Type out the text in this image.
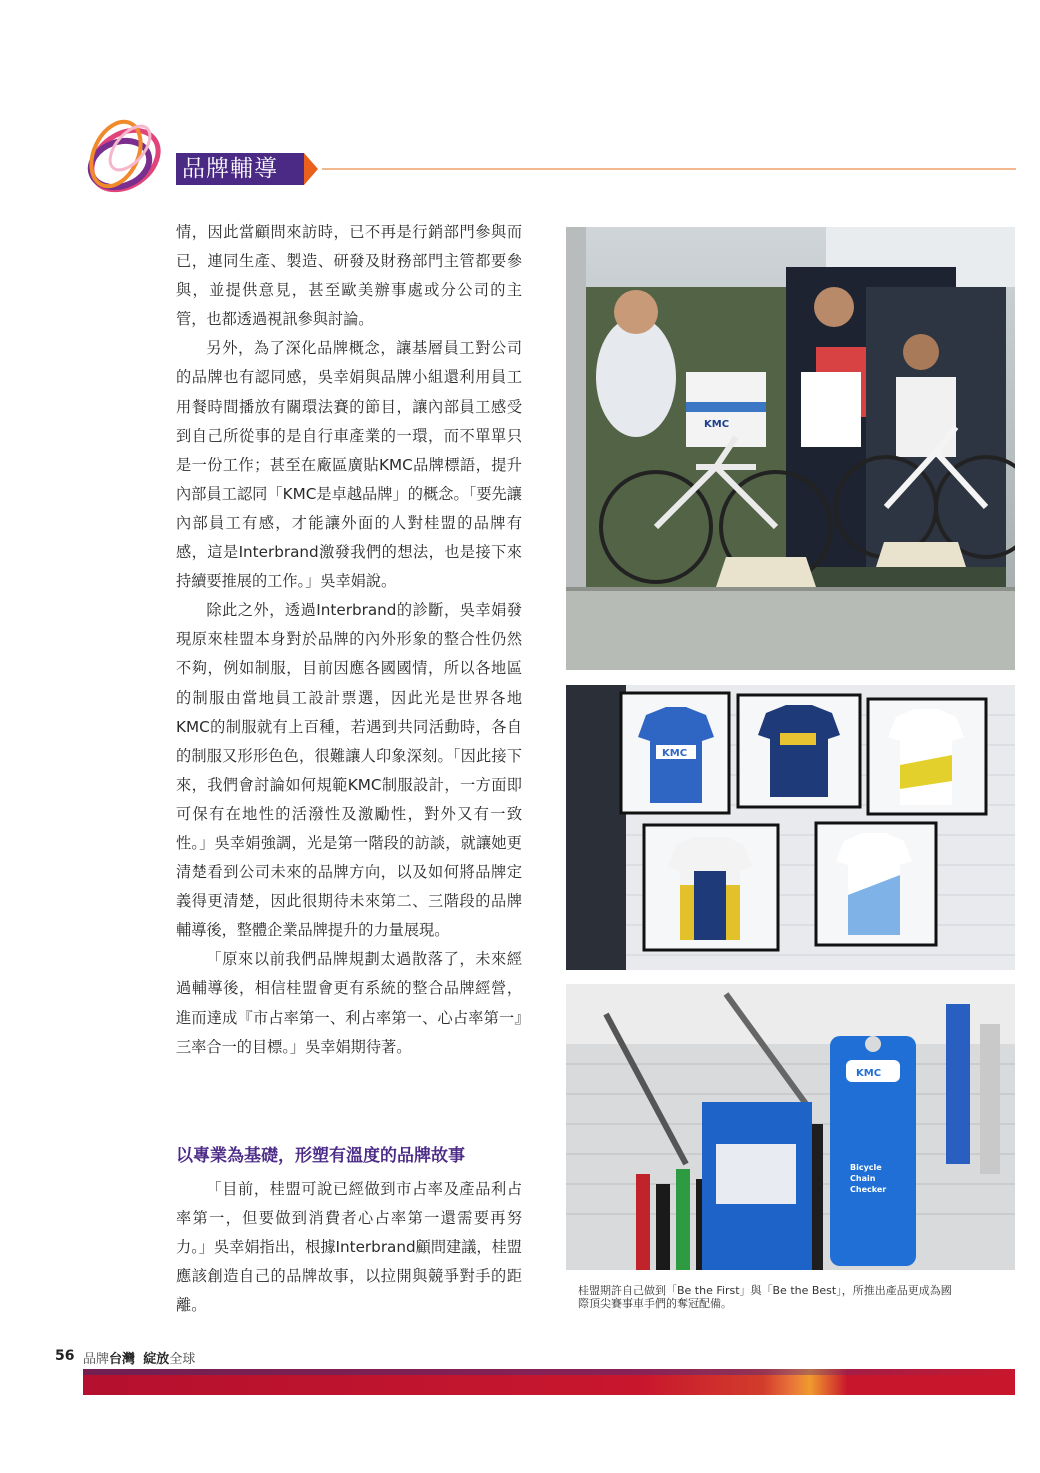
品牌輔導

情，因此當顧問來訪時，已不再是行銷部門參與而已，連同生產、製造、研發及財務部門主管都要參與，並提供意見，甚至歐美辦事處或分公司的主管，也都透過視訊參與討論。

另外，為了深化品牌概念，讓基層員工對公司的品牌也有認同感，吳幸娟與品牌小組還利用員工用餐時間播放有關環法賽的節目，讓內部員工感受到自己所從事的是自行車產業的一環，而不單單只是一份工作；甚至在廠區廣貼KMC品牌標語，提升內部員工認同「KMC是卓越品牌」的概念。「要先讓內部員工有感，才能讓外面的人對桂盟的品牌有感，這是Interbrand激發我們的想法，也是接下來持續要推展的工作。」吳幸娟說。

除此之外，透過Interbrand的診斷，吳幸娟發現原來桂盟本身對於品牌的內外形象的整合性仍然不夠，例如制服，目前因應各國國情，所以各地區的制服由當地員工設計票選，因此光是世界各地KMC的制服就有上百種，若遇到共同活動時，各自的制服又形形色色，很難讓人印象深刻。「因此接下來，我們會討論如何規範KMC制服設計，一方面即可保有在地性的活潑性及激勵性，對外又有一致性。」吳幸娟強調，光是第一階段的訪談，就讓她更清楚看到公司未來的品牌方向，以及如何將品牌定義得更清楚，因此很期待未來第二、三階段的品牌輔導後，整體企業品牌提升的力量展現。

「原來以前我們品牌規劃太過散落了，未來經過輔導後，相信桂盟會更有系統的整合品牌經營，進而達成『市占率第一、利占率第一、心占率第一』三率合一的目標。」吳幸娟期待著。

以專業為基礎，形塑有溫度的品牌故事

「目前，桂盟可說已經做到市占率及產品利占率第一，但要做到消費者心占率第一還需要再努力。」吳幸娟指出，根據Interbrand顧問建議，桂盟應該創造自己的品牌故事，以拉開與競爭對手的距離。

KMC
KMC
KMC
Bicycle
Chain
Checker
桂盟期許自己做到「Be the First」與「Be the Best」，所推出產品更成為國際頂尖賽事車手們的奪冠配備。
56 品牌台灣 綻放全球
